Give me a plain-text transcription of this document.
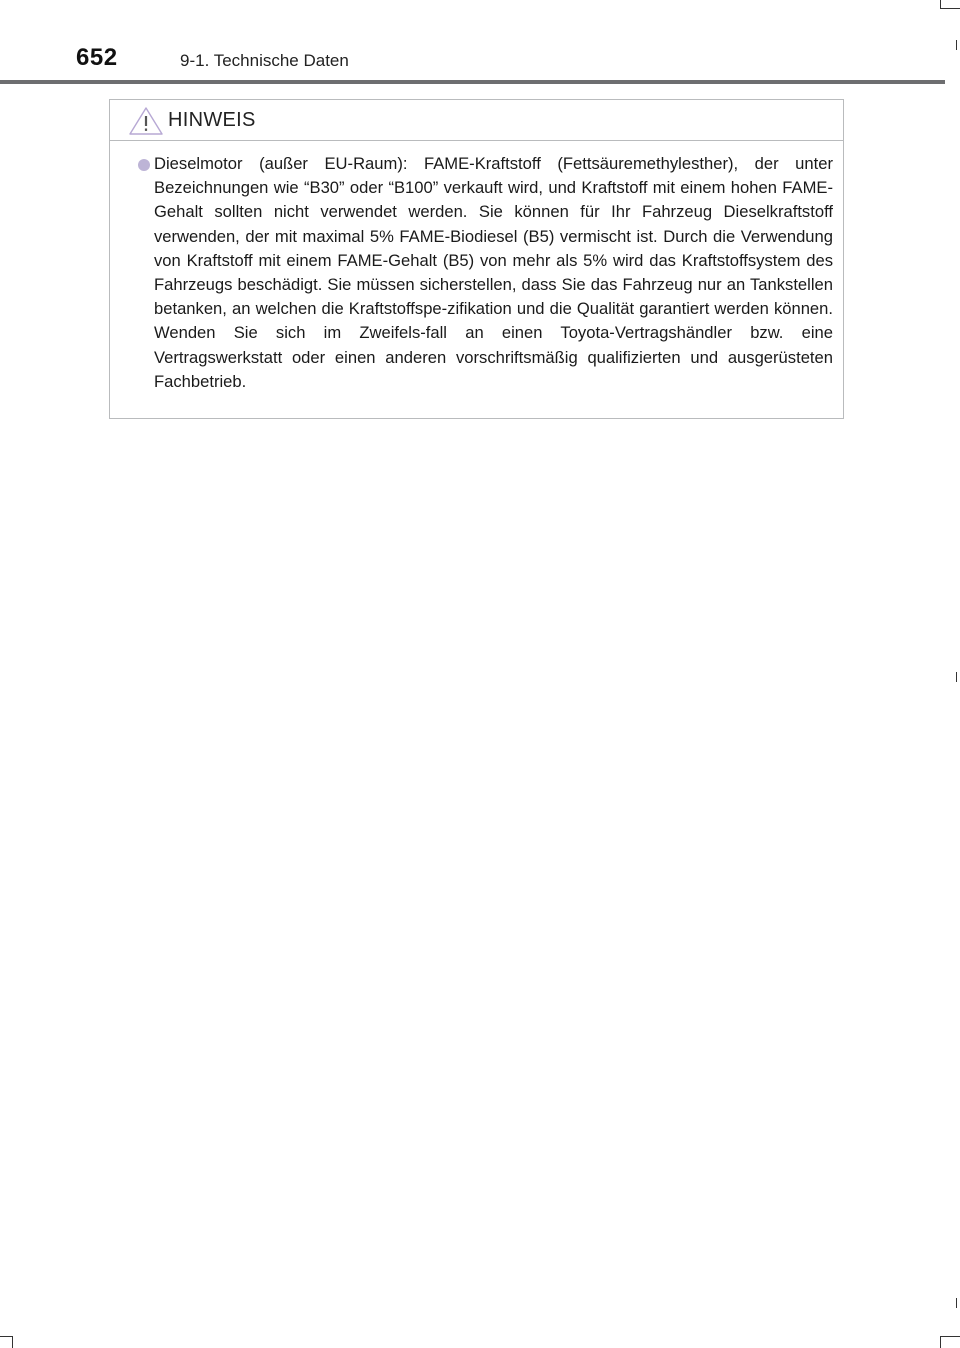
652	9-1. Technische Daten
HINWEIS

Dieselmotor (außer EU-Raum): FAME-Kraftstoff (Fettsäuremethylesther), der unter Bezeichnungen wie “B30” oder “B100” verkauft wird, und Kraftstoff mit einem hohen FAME-Gehalt sollten nicht verwendet werden. Sie können für Ihr Fahrzeug Dieselkraftstoff verwenden, der mit maximal 5% FAME-Biodiesel (B5) vermischt ist. Durch die Verwendung von Kraftstoff mit einem FAME-Gehalt (B5) von mehr als 5% wird das Kraftstoffsystem des Fahrzeugs beschädigt. Sie müssen sicherstellen, dass Sie das Fahrzeug nur an Tankstellen betanken, an welchen die Kraftstoffspe-zifikation und die Qualität garantiert werden können. Wenden Sie sich im Zweifels-fall an einen Toyota-Vertragshändler bzw. eine Vertragswerkstatt oder einen anderen vorschriftsmäßig qualifizierten und ausgerüsteten Fachbetrieb.
